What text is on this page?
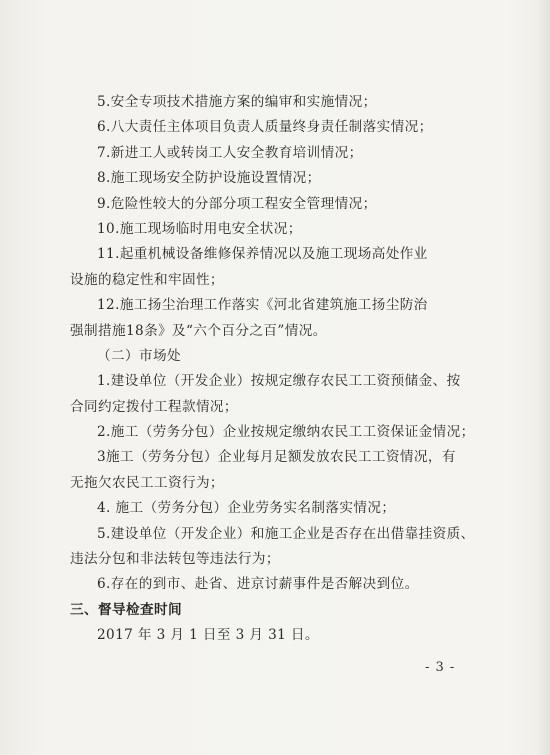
5.安全专项技术措施方案的编审和实施情况；
6.八大责任主体项目负责人质量终身责任制落实情况；
7.新进工人或转岗工人安全教育培训情况；
8.施工现场安全防护设施设置情况；
9.危险性较大的分部分项工程安全管理情况；
10.施工现场临时用电安全状况；
11.起重机械设备维修保养情况以及施工现场高处作业
设施的稳定性和牢固性；
12.施工扬尘治理工作落实《河北省建筑施工扬尘防治
强制措施18条》及“六个百分之百”情况。
（二）市场处
1.建设单位（开发企业）按规定缴存农民工工资预储金、按
合同约定拨付工程款情况；
2.施工（劳务分包）企业按规定缴纳农民工工资保证金情况；
3施工（劳务分包）企业每月足额发放农民工工资情况，有
无拖欠农民工工资行为；
4. 施工（劳务分包）企业劳务实名制落实情况；
5.建设单位（开发企业）和施工企业是否存在出借靠挂资质、
违法分包和非法转包等违法行为；
6.存在的到市、赴省、进京讨薪事件是否解决到位。
三、督导检查时间
2017 年 3 月 1 日至 3 月 31 日。
- 3 -
